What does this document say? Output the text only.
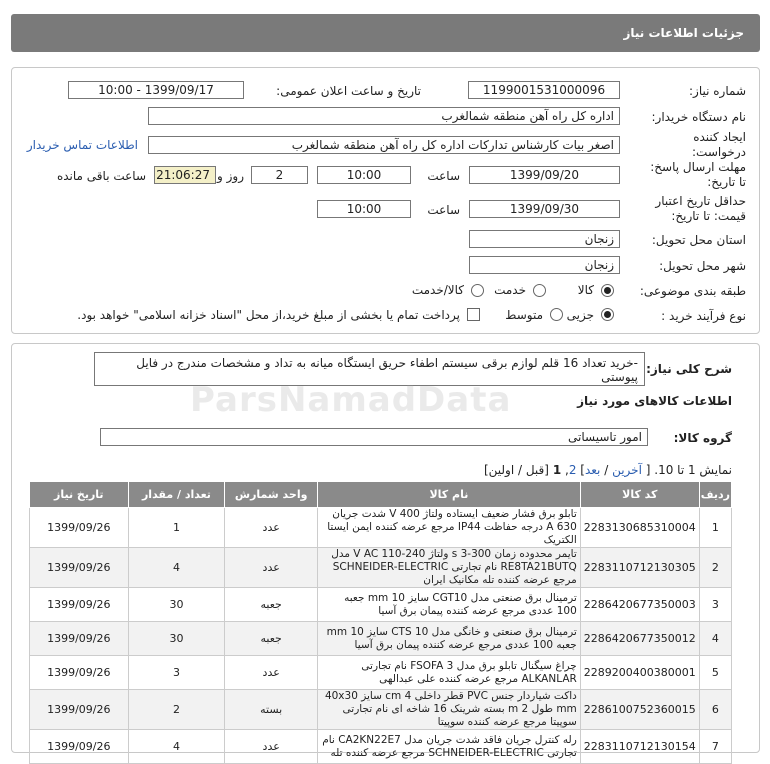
جزئیات اطلاعات نیاز
شماره نیاز:
1199001531000096
تاریخ و ساعت اعلان عمومی:
1399/09/17 - 10:00
نام دستگاه خریدار:
اداره کل راه آهن منطقه شمالغرب
ایجاد کننده
درخواست:
اصغر بیات کارشناس تدارکات اداره کل راه آهن منطقه شمالغرب
اطلاعات تماس خریدار
مهلت ارسال پاسخ:
تا تاریخ:
1399/09/20
ساعت
10:00
2
روز و
21:06:27
ساعت باقی مانده
حداقل تاریخ اعتبار
قیمت: تا تاریخ:
1399/09/30
ساعت
10:00
استان محل تحویل:
زنجان
شهر محل تحویل:
زنجان
طبقه بندی موضوعی:
کالا
خدمت
کالا/خدمت
نوع فرآیند خرید :
جزیی
متوسط
پرداخت تمام یا بخشی از مبلغ خرید،از محل "اسناد خزانه اسلامی" خواهد بود.
شرح کلی نیاز:
-خرید تعداد 16 قلم لوازم برقی سیستم اطفاء حریق ایستگاه میانه به تداد و مشخصات مندرج در فایل پیوستی
ParsNamadData	اطلاعات کالاهای مورد نیاز
گروه کالا:
امور تاسیساتی
نمایش 1 تا 10. [ آخرین / بعد] 2, 1 [قبل / اولین]
ردیف	کد کالا	نام کالا	واحد شمارش	تعداد / مقدار	تاریخ نیاز
1	2283130685310004	تابلو برق فشار ضعیف ایستاده ولتاژ V 400 شدت جریان 630 A درجه حفاظت IP44 مرجع عرضه کننده ایمن ایستا الکتریک	عدد	1	1399/09/26
2	2283110712130305	تایمر محدوده زمان 300-3 s ولتاژ V AC 110-240 مدل RE8TA21BUTQ نام تجارتی SCHNEIDER-ELECTRIC مرجع عرضه کننده تله مکانیک ایران	عدد	4	1399/09/26
3	2286420677350003	ترمینال برق صنعتی مدل CGT10 سایز mm 10 جعبه 100 عددی مرجع عرضه کننده پیمان برق آسیا	جعبه	30	1399/09/26
4	2286420677350012	ترمینال برق صنعتی و خانگی مدل CTS 10 سایز mm 10 جعبه 100 عددی مرجع عرضه کننده پیمان برق آسیا	جعبه	30	1399/09/26
5	2289200400380001	چراغ سیگنال تابلو برق مدل FSOFA 3 نام تجارتی ALKANLAR مرجع عرضه کننده علی عبدالهی	عدد	3	1399/09/26
6	2286100752360015	داکت شیاردار جنس PVC قطر داخلی cm 4 سایز 40x30 mm طول m 2 بسته شرینک 16 شاخه ای نام تجارتی سوپیتا مرجع عرضه کننده سوپیتا	بسته	2	1399/09/26
7	2283110712130154	رله کنترل جریان فاقد شدت جریان مدل CA2KN22E7 نام تجارتی SCHNEIDER-ELECTRIC مرجع عرضه کننده تله	عدد	4	1399/09/26
